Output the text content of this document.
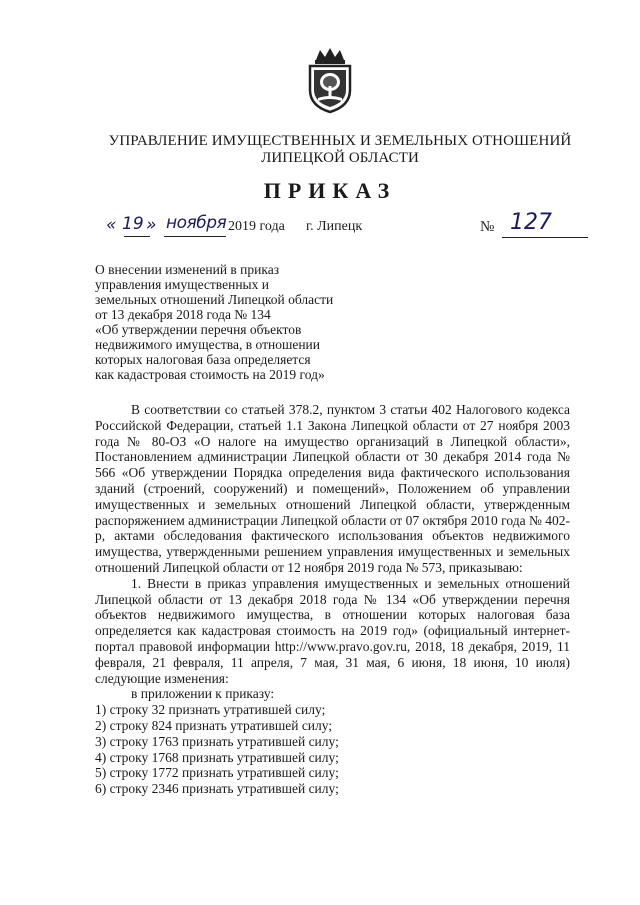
УПРАВЛЕНИЕ ИМУЩЕСТВЕННЫХ И ЗЕМЕЛЬНЫХ ОТНОШЕНИЙ
ЛИПЕЦКОЙ ОБЛАСТИ
ПРИКАЗ
« 19 » ноября 2019 года г. Липецк	№ 127
О внесении изменений в приказ
управления имущественных и
земельных отношений Липецкой области
от 13 декабря 2018 года № 134
«Об утверждении перечня объектов
недвижимого имущества, в отношении
которых налоговая база определяется
как кадастровая стоимость на 2019 год»

В соответствии со статьей 378.2, пунктом 3 статьи 402 Налогового кодекса Российской Федерации, статьей 1.1 Закона Липецкой области от 27 ноября 2003 года № 80-ОЗ «О налоге на имущество организаций в Липецкой области», Постановлением администрации Липецкой области от 30 декабря 2014 года № 566 «Об утверждении Порядка определения вида фактического использования зданий (строений, сооружений) и помещений», Положением об управлении имущественных и земельных отношений Липецкой области, утвержденным распоряжением администрации Липецкой области от 07 октября 2010 года № 402-р, актами обследования фактического использования объектов недвижимого имущества, утвержденными решением управления имущественных и земельных отношений Липецкой области от 12 ноября 2019 года № 573, приказываю:

1. Внести в приказ управления имущественных и земельных отношений Липецкой области от 13 декабря 2018 года № 134 «Об утверждении перечня объектов недвижимого имущества, в отношении которых налоговая база определяется как кадастровая стоимость на 2019 год» (официальный интернет-портал правовой информации http://www.pravo.gov.ru, 2018, 18 декабря, 2019, 11 февраля, 21 февраля, 11 апреля, 7 мая, 31 мая, 6 июня, 18 июня, 10 июля) следующие изменения:

в приложении к приказу:

1) строку 32 признать утратившей силу;
2) строку 824 признать утратившей силу;
3) строку 1763 признать утратившей силу;
4) строку 1768 признать утратившей силу;
5) строку 1772 признать утратившей силу;
6) строку 2346 признать утратившей силу;
